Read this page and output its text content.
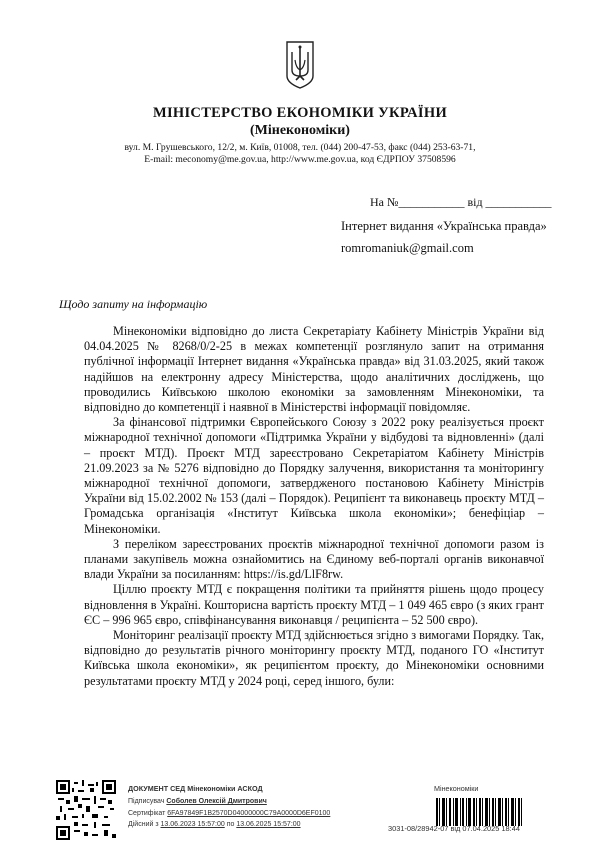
МІНІСТЕРСТВО ЕКОНОМІКИ УКРАЇНИ
(Мінекономіки)
вул. М. Грушевського, 12/2, м. Київ, 01008, тел. (044) 200-47-53, факс (044) 253-63-71,
E-mail: meconomy@me.gov.ua, http://www.me.gov.ua, код ЄДРПОУ 37508596
На №___________ від ___________
Інтернет видання «Українська правда»
romromaniuk@gmail.com
Щодо запиту на інформацію

Мінекономіки відповідно до листа Секретаріату Кабінету Міністрів України від 04.04.2025 № 8268/0/2-25 в межах компетенції розглянуло запит на отримання публічної інформації Інтернет видання «Українська правда» від 31.03.2025, який також надійшов на електронну адресу Міністерства, щодо аналітичних досліджень, що проводились Київською школою економіки за замовленням Мінекономіки, та відповідно до компетенції і наявної в Міністерстві інформації повідомляє.

За фінансової підтримки Європейського Союзу з 2022 року реалізується проєкт міжнародної технічної допомоги «Підтримка України у відбудові та відновленні» (далі – проєкт МТД). Проєкт МТД зареєстровано Секретаріатом Кабінету Міністрів 21.09.2023 за № 5276 відповідно до Порядку залучення, використання та моніторингу міжнародної технічної допомоги, затвердженого постановою Кабінету Міністрів України від 15.02.2002 № 153 (далі – Порядок). Реципієнт та виконавець проєкту МТД – Громадська організація «Інститут Київська школа економіки»; бенефіціар – Мінекономіки.

З переліком зареєстрованих проєктів міжнародної технічної допомоги разом із планами закупівель можна ознайомитись на Єдиному веб-порталі органів виконавчої влади України за посиланням: https://is.gd/LlF8rw.

Ціллю проєкту МТД є покращення політики та прийняття рішень щодо процесу відновлення в Україні. Кошторисна вартість проєкту МТД – 1 049 465 євро (з яких грант ЄС – 996 965 євро, співфінансування виконавця / реципієнта – 52 500 євро).

Моніторинг реалізації проєкту МТД здійснюється згідно з вимогами Порядку. Так, відповідно до результатів річного моніторингу проєкту МТД, поданого ГО «Інститут Київська школа економіки», як реципієнтом проєкту, до Мінекономіки основними результатами проєкту МТД у 2024 році, серед іншого, були:

ДОКУМЕНТ СЕД Мінекономіки АСКОД
Підписувач Соболев Олексій Дмитрович
Сертифікат 6FA97849F1B2570D04000000C79A0000D6EF0100
Дійсний з 13.06.2023 15:57:00 по 13.06.2025 15:57:00
Мінекономіки
3031-08/28942-07 від 07.04.2025 18:44
